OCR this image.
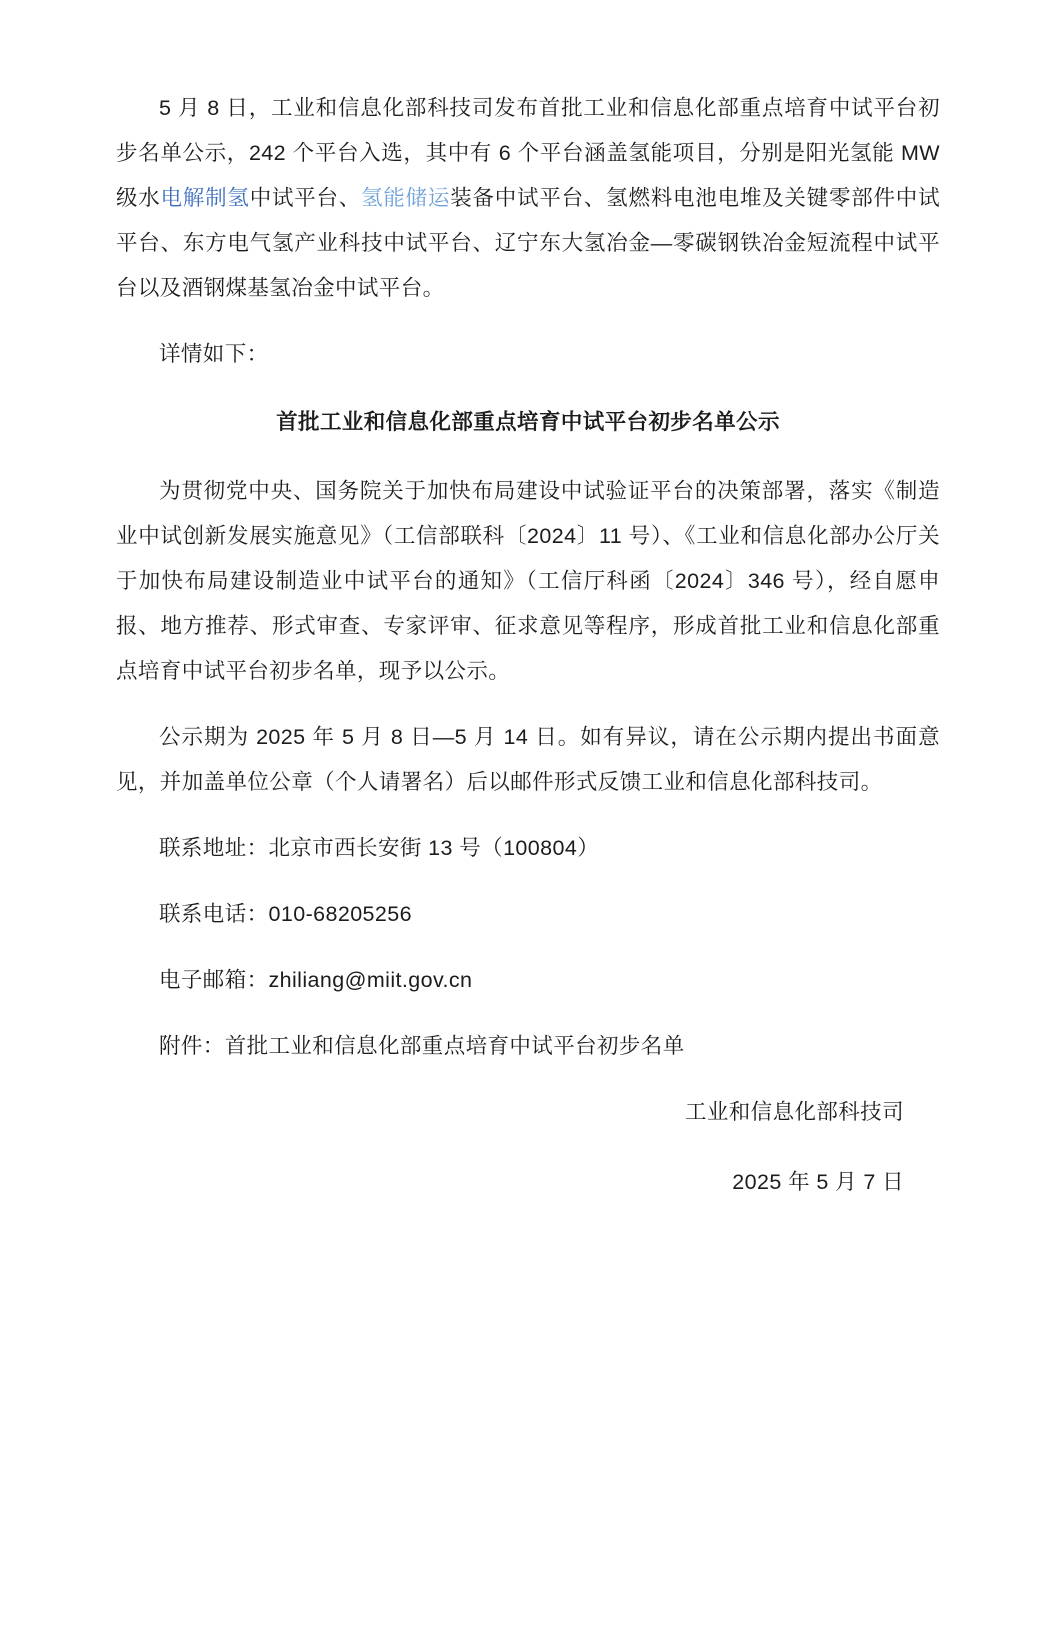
5 月 8 日，工业和信息化部科技司发布首批工业和信息化部重点培育中试平台初步名单公示，242 个平台入选，其中有 6 个平台涵盖氢能项目，分别是阳光氢能 MW 级水电解制氢中试平台、氢能储运装备中试平台、氢燃料电池电堆及关键零部件中试平台、东方电气氢产业科技中试平台、辽宁东大氢冶金—零碳钢铁冶金短流程中试平台以及酒钢煤基氢冶金中试平台。

详情如下：

首批工业和信息化部重点培育中试平台初步名单公示

为贯彻党中央、国务院关于加快布局建设中试验证平台的决策部署，落实《制造业中试创新发展实施意见》（工信部联科〔2024〕11 号）、《工业和信息化部办公厅关于加快布局建设制造业中试平台的通知》（工信厅科函〔2024〕346 号），经自愿申报、地方推荐、形式审查、专家评审、征求意见等程序，形成首批工业和信息化部重点培育中试平台初步名单，现予以公示。

公示期为 2025 年 5 月 8 日—5 月 14 日。如有异议，请在公示期内提出书面意见，并加盖单位公章（个人请署名）后以邮件形式反馈工业和信息化部科技司。

联系地址：北京市西长安街 13 号（100804）

联系电话：010-68205256

电子邮箱：zhiliang@miit.gov.cn

附件：首批工业和信息化部重点培育中试平台初步名单

工业和信息化部科技司

2025 年 5 月 7 日
